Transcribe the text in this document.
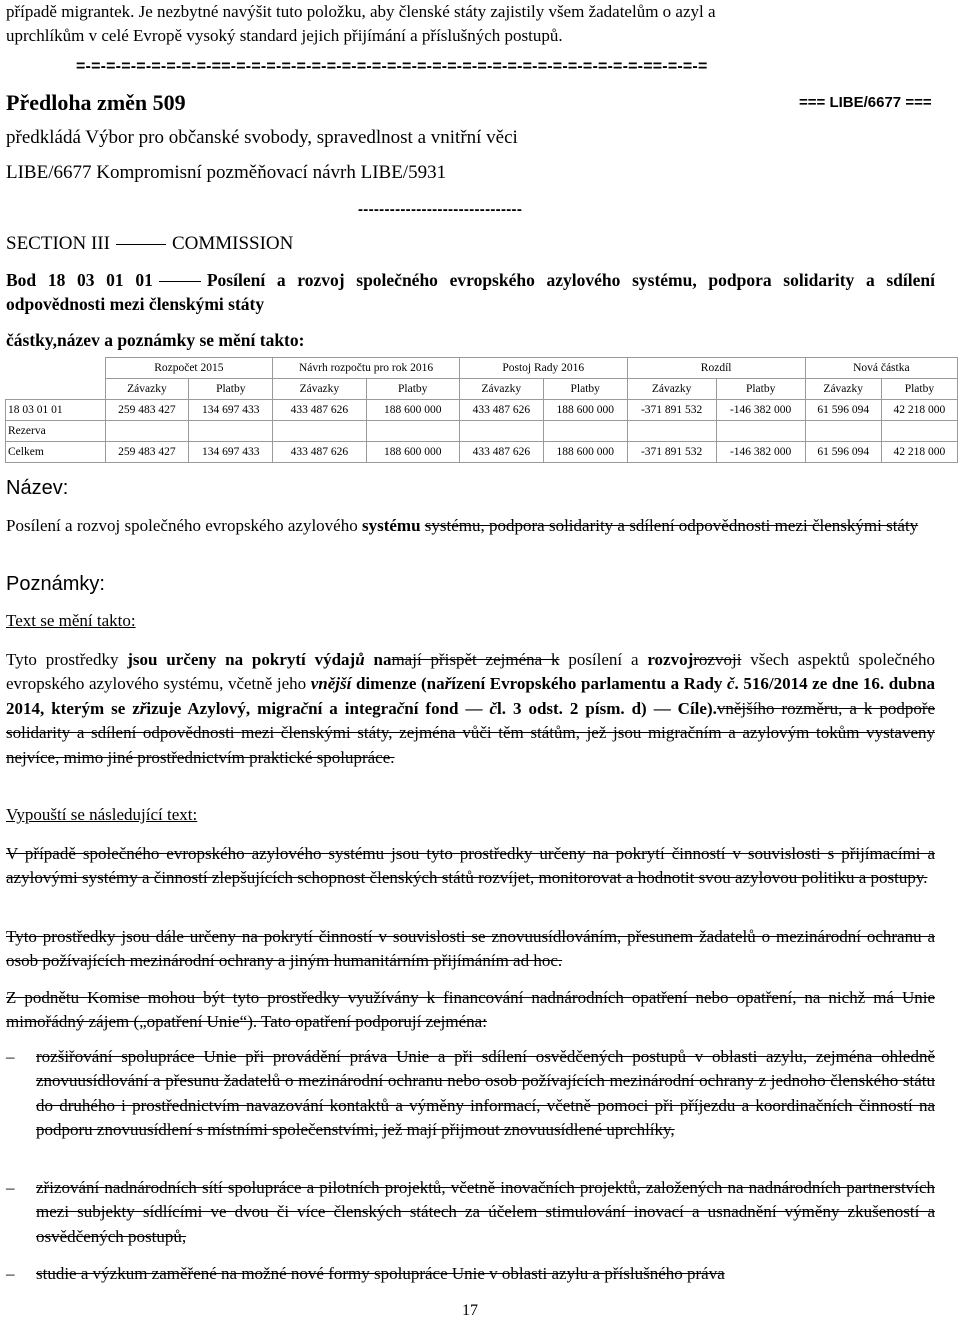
případě migrantek. Je nezbytné navýšit tuto položku, aby členské státy zajistily všem žadatelům o azyl a
uprchlíkům v celé Evropě vysoký standard jejich přijímání a příslušných postupů.
=-=-=-=-=-=-=-=-=-==-=-=-=-=-=-=-=-=-=-=-=-=-=-=-=-=-=-=-=-=-=-=-=-=-=-=-=-==-=-=-=
Předloha změn 509	=== LIBE/6677 ===
předkládá Výbor pro občanské svobody, spravedlnost a vnitřní věci
LIBE/6677 Kompromisní pozměňovací návrh LIBE/5931
-------------------------------
SECTION III	COMMISSION
Bod 18 03 01 01	Posílení a rozvoj společného evropského azylového systému, podpora solidarity a sdílení odpovědnosti mezi členskými státy
částky,název a poznámky se mění takto:
	Rozpočet 2015		Návrh rozpočtu pro rok 2016		Postoj Rady 2016		Rozdíl		Nová částka	
	Závazky	Platby	Závazky	Platby	Závazky	Platby	Závazky	Platby	Závazky	Platby
18 03 01 01	259 483 427	134 697 433	433 487 626	188 600 000	433 487 626	188 600 000	-371 891 532	-146 382 000	61 596 094	42 218 000
Rezerva										
Celkem	259 483 427	134 697 433	433 487 626	188 600 000	433 487 626	188 600 000	-371 891 532	-146 382 000	61 596 094	42 218 000
Název:
Posílení a rozvoj společného evropského azylového systému systému, podpora solidarity a sdílení odpovědnosti mezi členskými státy
Poznámky:
Text se mění takto:
Tyto prostředky jsou určeny na pokrytí výdajů namají přispět zejména k posílení a rozvojrozvoji všech aspektů společného evropského azylového systému, včetně jeho vnější dimenze (nařízení Evropského parlamentu a Rady č. 516/2014 ze dne 16. dubna 2014, kterým se zřizuje Azylový, migrační a integrační fond — čl. 3 odst. 2 písm. d) — Cíle).vnějšího rozměru, a k podpoře solidarity a sdílení odpovědnosti mezi členskými státy, zejména vůči těm státům, jež jsou migračním a azylovým tokům vystaveny nejvíce, mimo jiné prostřednictvím praktické spolupráce.
Vypouští se následující text:
V případě společného evropského azylového systému jsou tyto prostředky určeny na pokrytí činností v souvislosti s přijímacími a azylovými systémy a činností zlepšujících schopnost členských států rozvíjet, monitorovat a hodnotit svou azylovou politiku a postupy.
Tyto prostředky jsou dále určeny na pokrytí činností v souvislosti se znovuusídlováním, přesunem žadatelů o mezinárodní ochranu a osob požívajících mezinárodní ochrany a jiným humanitárním přijímáním ad hoc.
Z podnětu Komise mohou být tyto prostředky využívány k financování nadnárodních opatření nebo opatření, na nichž má Unie mimořádný zájem („opatření Unie“). Tato opatření podporují zejména:
– rozšiřování spolupráce Unie při provádění práva Unie a při sdílení osvědčených postupů v oblasti azylu, zejména ohledně znovuusídlování a přesunu žadatelů o mezinárodní ochranu nebo osob požívajících mezinárodní ochrany z jednoho členského státu do druhého i prostřednictvím navazování kontaktů a výměny informací, včetně pomoci při příjezdu a koordinačních činností na podporu znovuusídlení s místními společenstvími, jež mají přijmout znovuusídlené uprchlíky,
– zřizování nadnárodních sítí spolupráce a pilotních projektů, včetně inovačních projektů, založených na nadnárodních partnerstvích mezi subjekty sídlícími ve dvou či více členských státech za účelem stimulování inovací a usnadnění výměny zkušeností a osvědčených postupů,
– studie a výzkum zaměřené na možné nové formy spolupráce Unie v oblasti azylu a příslušného práva
17
